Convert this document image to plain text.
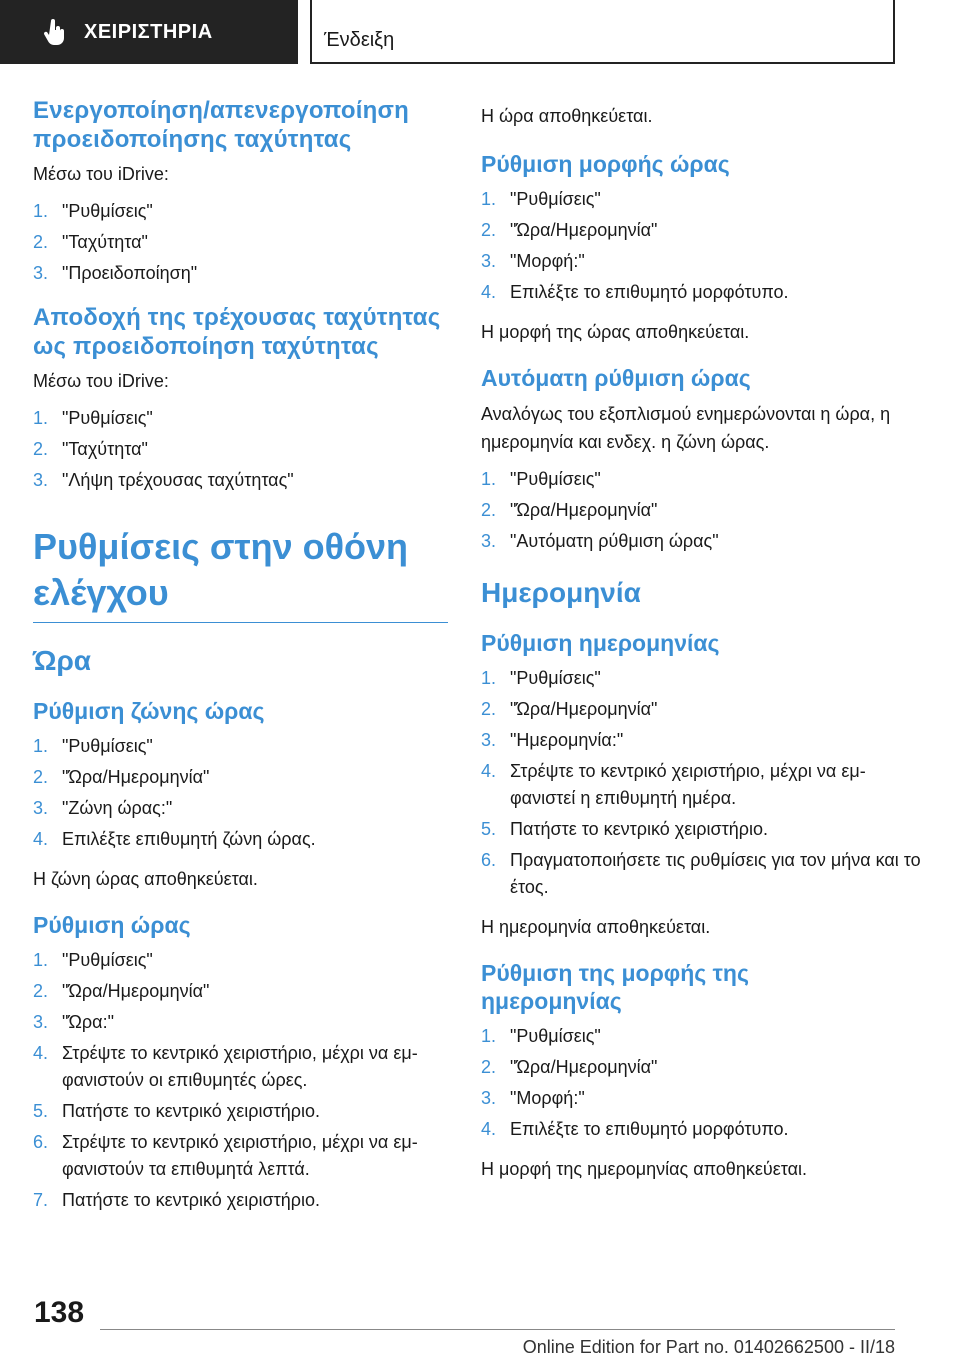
ΧΕΙΡΙΣΤΗΡΙΑ	Ένδειξη
Ενεργοποίηση/απενεργοποίηση προειδοποίησης ταχύτητας

Μέσω του iDrive:

1. "Ρυθμίσεις"
2. "Ταχύτητα"
3. "Προειδοποίηση"
Αποδοχή της τρέχουσας ταχύτητας ως προειδοποίηση ταχύτητας

Μέσω του iDrive:

1. "Ρυθμίσεις"
2. "Ταχύτητα"
3. "Λήψη τρέχουσας ταχύτητας"
Ρυθμίσεις στην οθόνη ελέγχου
Ώρα
Ρύθμιση ζώνης ώρας
1. "Ρυθμίσεις"
2. "Ώρα/Ημερομηνία"
3. "Ζώνη ώρας:"
4. Επιλέξτε επιθυμητή ζώνη ώρας.

Η ζώνη ώρας αποθηκεύεται.

Ρύθμιση ώρας
1. "Ρυθμίσεις"
2. "Ώρα/Ημερομηνία"
3. "Ώρα:"
4. Στρέψτε το κεντρικό χειριστήριο, μέχρι να εμφανιστούν οι επιθυμητές ώρες.
5. Πατήστε το κεντρικό χειριστήριο.
6. Στρέψτε το κεντρικό χειριστήριο, μέχρι να εμφανιστούν τα επιθυμητά λεπτά.
7. Πατήστε το κεντρικό χειριστήριο.

Η ώρα αποθηκεύεται.

Ρύθμιση μορφής ώρας
1. "Ρυθμίσεις"
2. "Ώρα/Ημερομηνία"
3. "Μορφή:"
4. Επιλέξτε το επιθυμητό μορφότυπο.

Η μορφή της ώρας αποθηκεύεται.

Αυτόματη ρύθμιση ώρας

Αναλόγως του εξοπλισμού ενημερώνονται η ώρα, η ημερομηνία και ενδεχ. η ζώνη ώρας.

1. "Ρυθμίσεις"
2. "Ώρα/Ημερομηνία"
3. "Αυτόματη ρύθμιση ώρας"
Ημερομηνία
Ρύθμιση ημερομηνίας
1. "Ρυθμίσεις"
2. "Ώρα/Ημερομηνία"
3. "Ημερομηνία:"
4. Στρέψτε το κεντρικό χειριστήριο, μέχρι να εμφανιστεί η επιθυμητή ημέρα.
5. Πατήστε το κεντρικό χειριστήριο.
6. Πραγματοποιήσετε τις ρυθμίσεις για τον μήνα και το έτος.

Η ημερομηνία αποθηκεύεται.

Ρύθμιση της μορφής της ημερομηνίας
1. "Ρυθμίσεις"
2. "Ώρα/Ημερομηνία"
3. "Μορφή:"
4. Επιλέξτε το επιθυμητό μορφότυπο.

Η μορφή της ημερομηνίας αποθηκεύεται.

138
Online Edition for Part no. 01402662500 - II/18
